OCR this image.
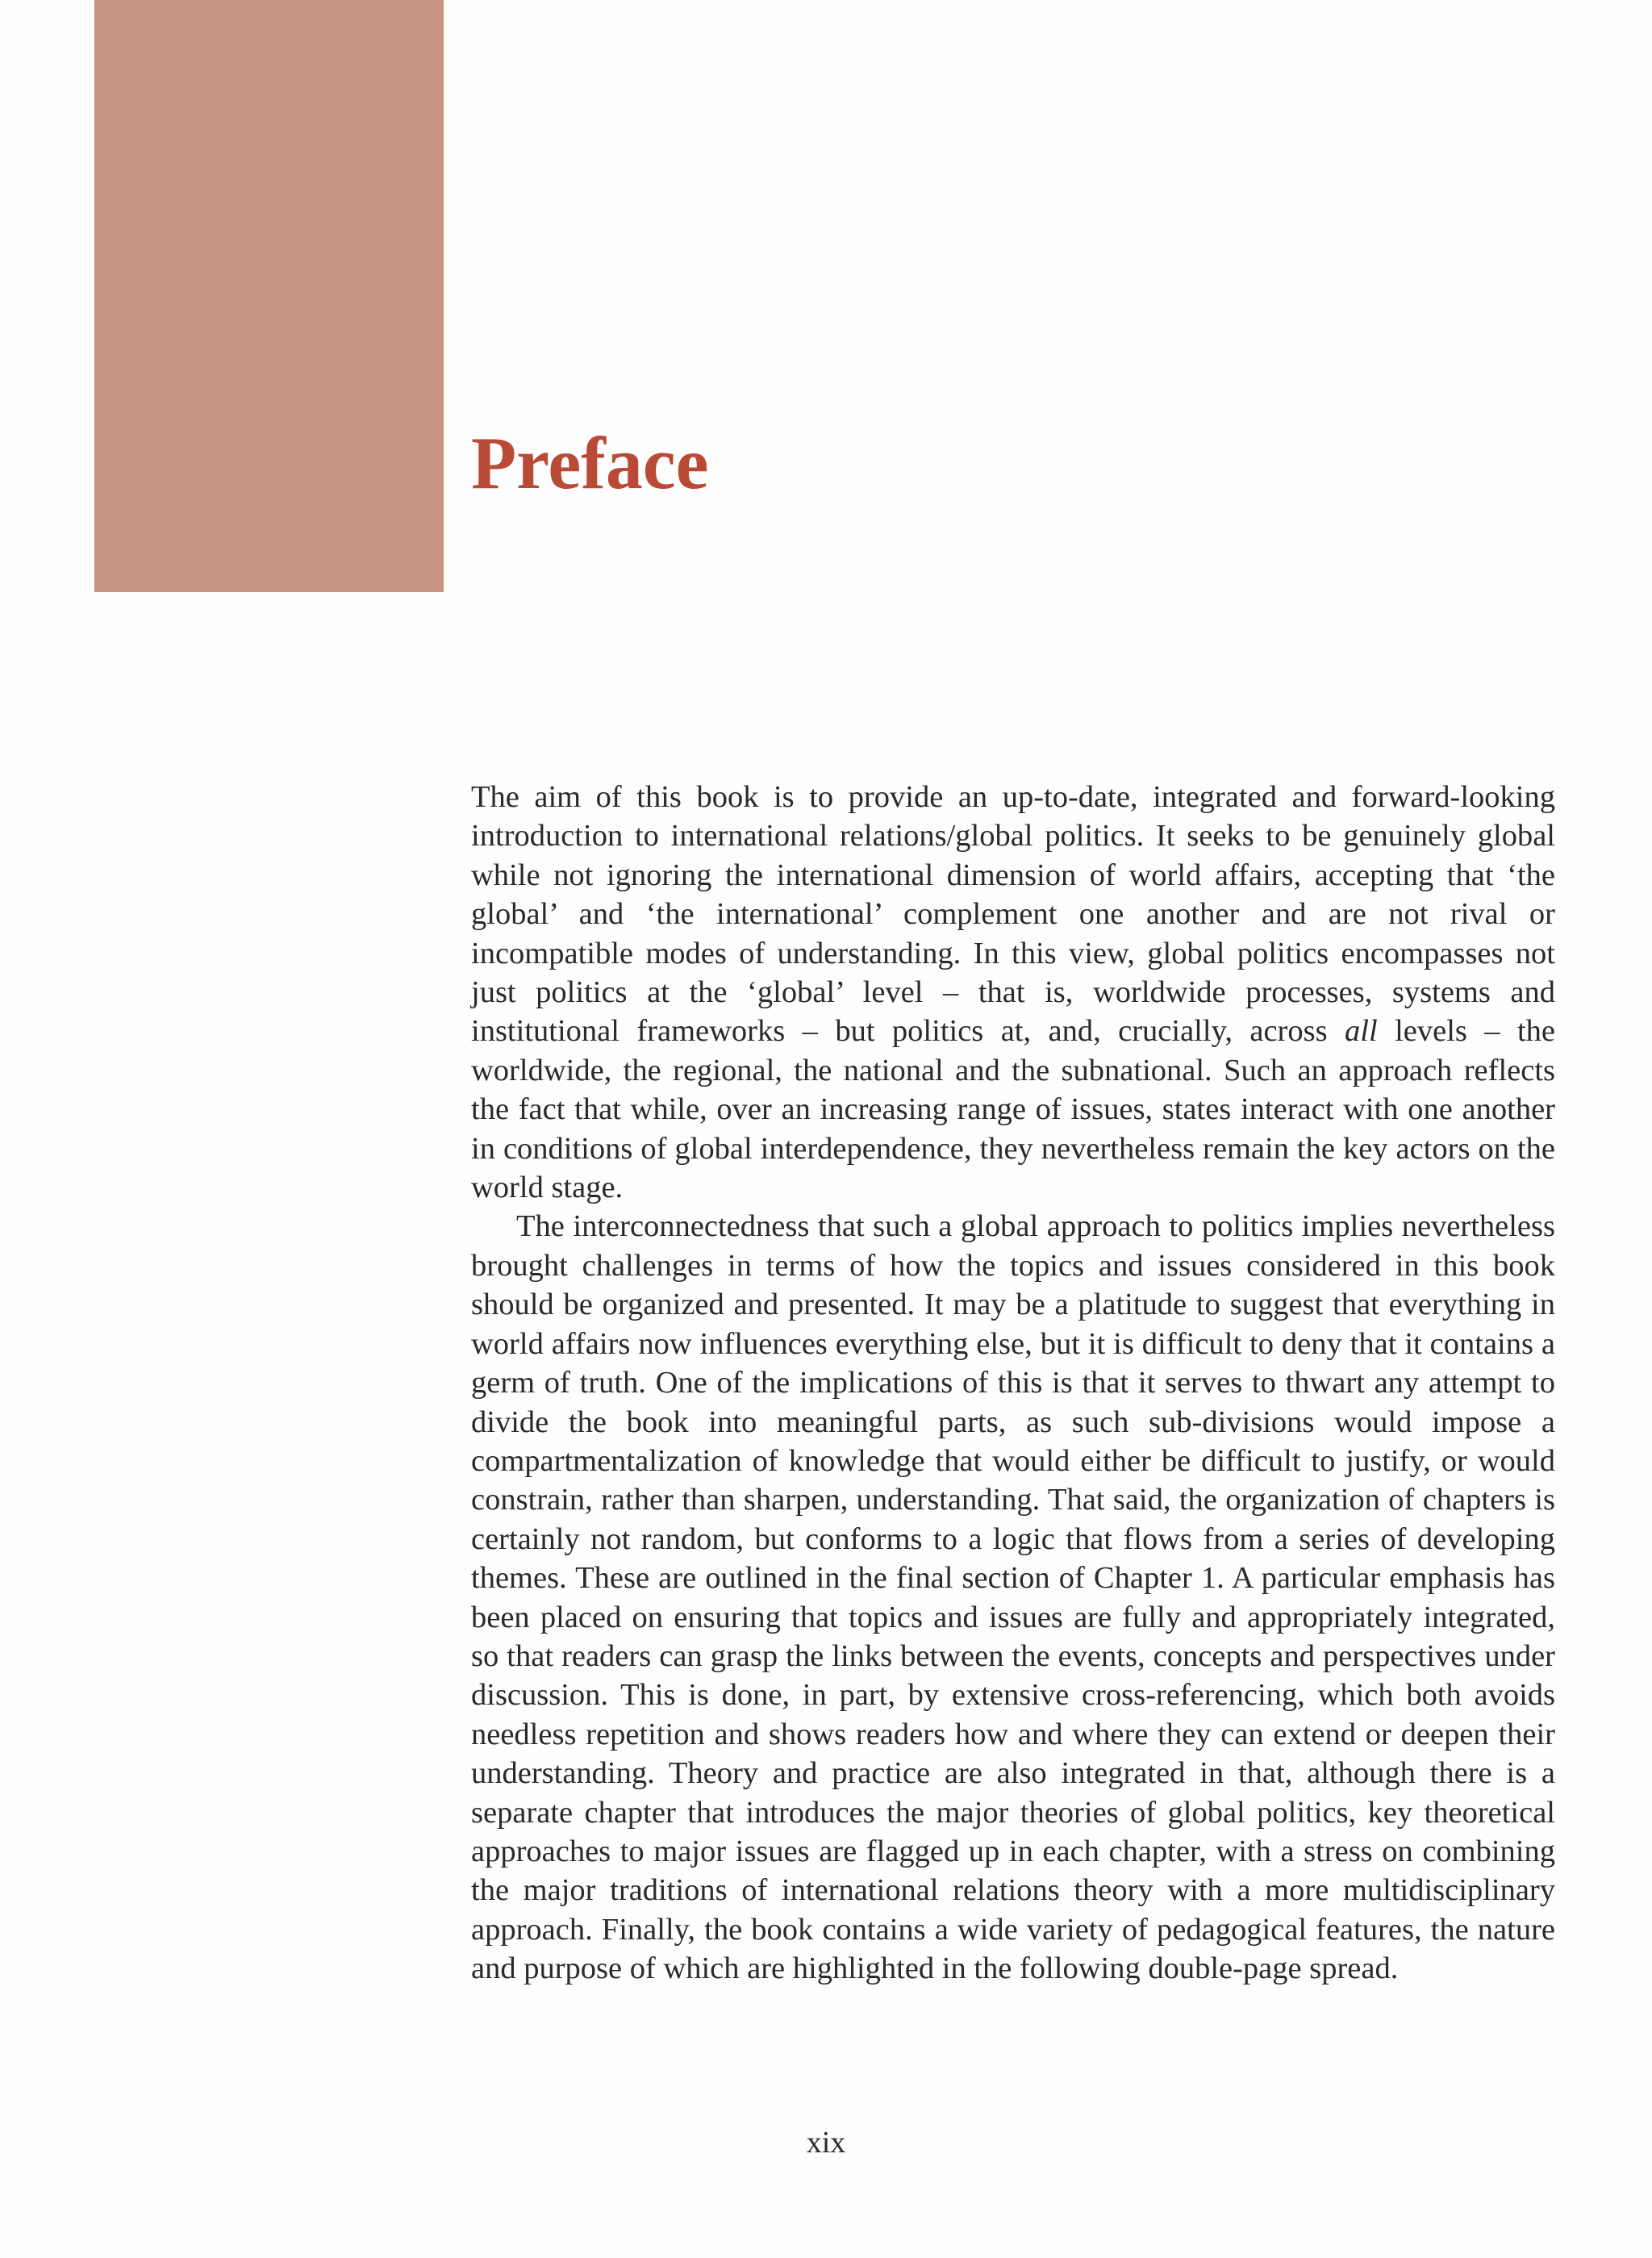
Preface

The aim of this book is to provide an up-to-date, integrated and forward-looking introduction to international relations/global politics. It seeks to be genuinely global while not ignoring the international dimension of world affairs, accepting that ‘the global’ and ‘the international’ complement one another and are not rival or incompatible modes of understanding. In this view, global politics encompasses not just politics at the ‘global’ level – that is, worldwide processes, systems and institutional frameworks – but politics at, and, crucially, across all levels – the worldwide, the regional, the national and the subnational. Such an approach reflects the fact that while, over an increasing range of issues, states interact with one another in conditions of global interdependence, they nevertheless remain the key actors on the world stage.

The interconnectedness that such a global approach to politics implies nevertheless brought challenges in terms of how the topics and issues considered in this book should be organized and presented. It may be a platitude to suggest that everything in world affairs now influences everything else, but it is difficult to deny that it contains a germ of truth. One of the implications of this is that it serves to thwart any attempt to divide the book into meaningful parts, as such sub-divisions would impose a compartmentalization of knowledge that would either be difficult to justify, or would constrain, rather than sharpen, understanding. That said, the organization of chapters is certainly not random, but conforms to a logic that flows from a series of developing themes. These are outlined in the final section of Chapter 1. A particular emphasis has been placed on ensuring that topics and issues are fully and appropriately integrated, so that readers can grasp the links between the events, concepts and perspectives under discussion. This is done, in part, by extensive cross-referencing, which both avoids needless repetition and shows readers how and where they can extend or deepen their understanding. Theory and practice are also integrated in that, although there is a separate chapter that introduces the major theories of global politics, key theoretical approaches to major issues are flagged up in each chapter, with a stress on combining the major traditions of international relations theory with a more multidisciplinary approach. Finally, the book contains a wide variety of pedagogical features, the nature and purpose of which are highlighted in the following double-page spread.

xix
